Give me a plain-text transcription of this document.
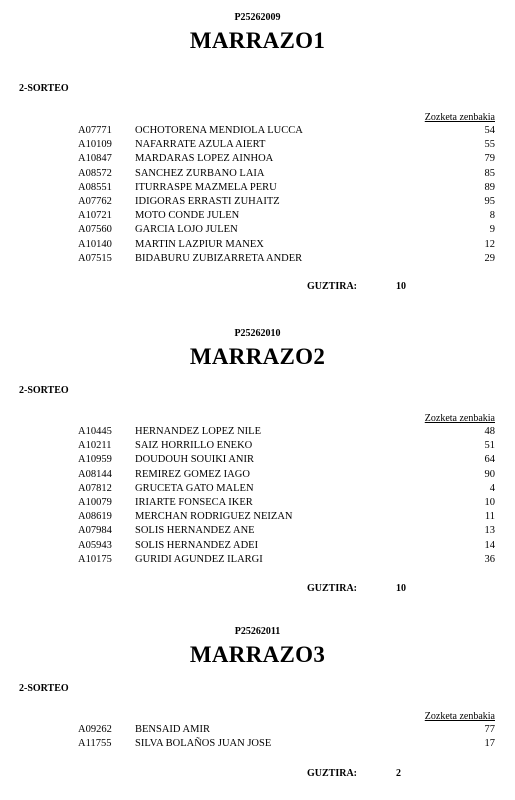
P25262009
MARRAZO1
2-SORTEO
Zozketa zenbakia
A07771 OCHOTORENA MENDIOLA LUCCA	54
A10109 NAFARRATE AZULA AIERT	55
A10847 MARDARAS LOPEZ AINHOA	79
A08572 SANCHEZ ZURBANO LAIA	85
A08551 ITURRASPE MAZMELA PERU	89
A07762 IDIGORAS ERRASTI ZUHAITZ	95
A10721 MOTO CONDE JULEN	8
A07560 GARCIA LOJO JULEN	9
A10140 MARTIN LAZPIUR MANEX	12
A07515 BIDABURU ZUBIZARRETA ANDER	29
GUZTIRA:	10
P25262010
MARRAZO2
2-SORTEO
Zozketa zenbakia
A10445 HERNANDEZ LOPEZ NILE	48
A10211 SAIZ HORRILLO ENEKO	51
A10959 DOUDOUH SOUIKI ANIR	64
A08144 REMIREZ GOMEZ IAGO	90
A07812 GRUCETA GATO MALEN	4
A10079 IRIARTE FONSECA IKER	10
A08619 MERCHAN RODRIGUEZ NEIZAN	11
A07984 SOLIS HERNANDEZ ANE	13
A05943 SOLIS HERNANDEZ ADEI	14
A10175 GURIDI AGUNDEZ ILARGI	36
GUZTIRA:	10
P25262011
MARRAZO3
2-SORTEO
Zozketa zenbakia
A09262 BENSAID AMIR	77
A11755 SILVA BOLAÑOS JUAN JOSE	17
GUZTIRA:	2
